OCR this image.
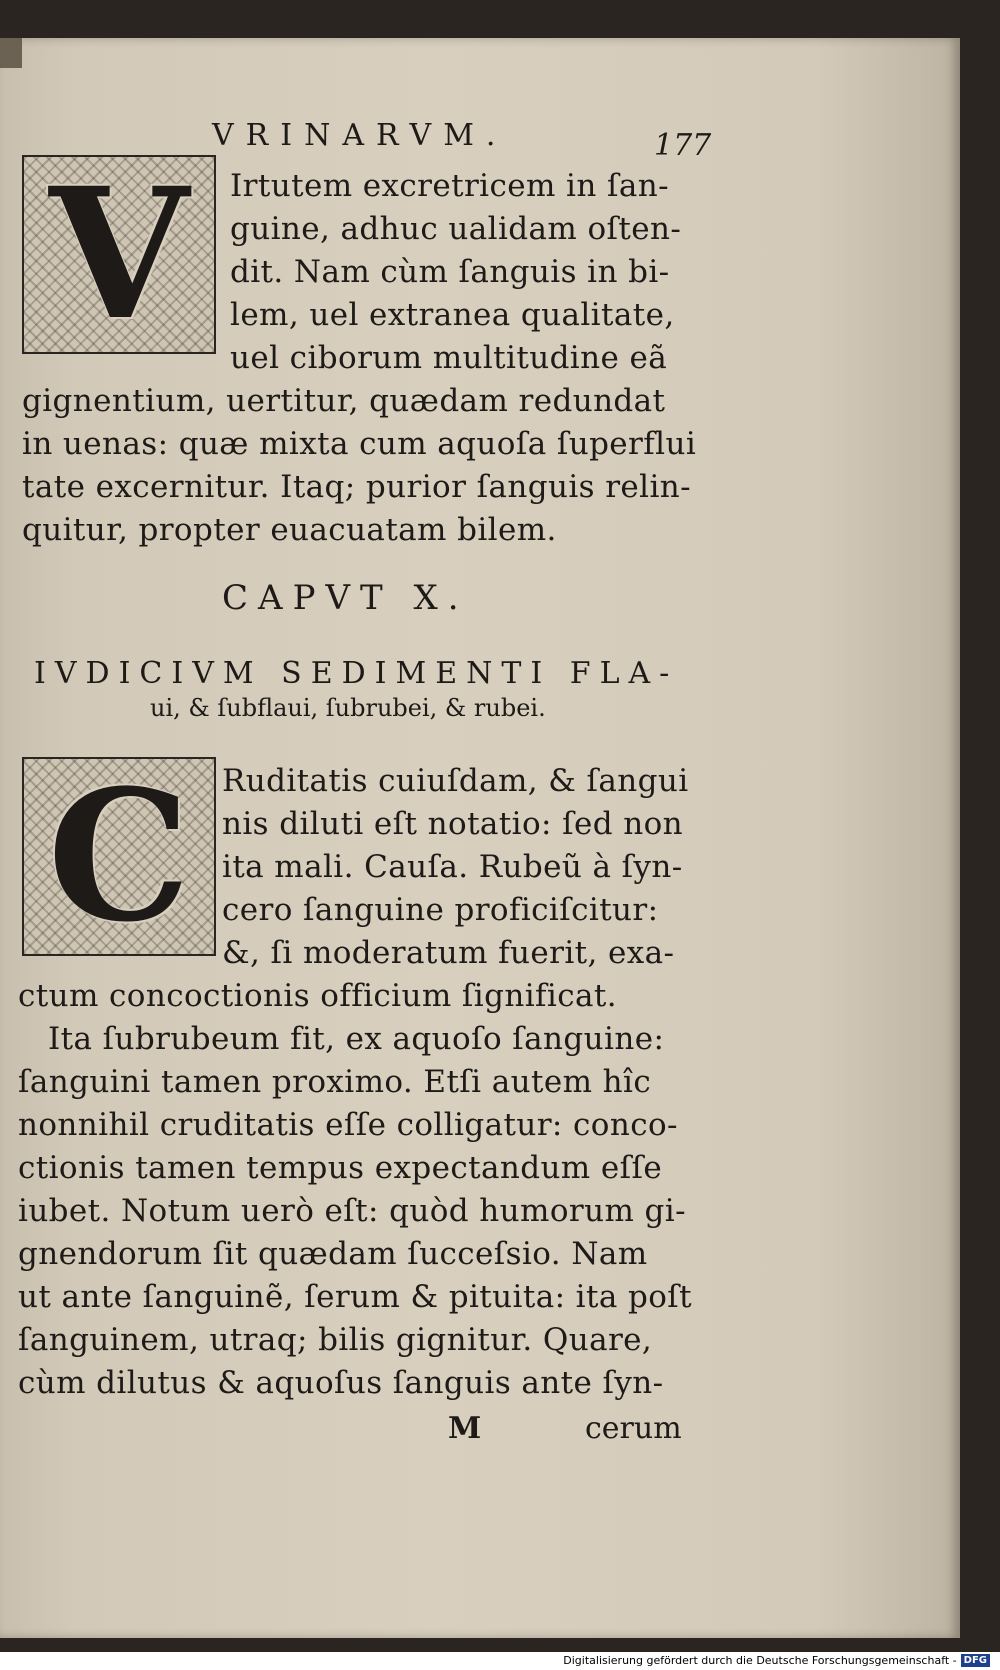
VRINARVM.	177
V Irtutem excretricem in ſan-
guine, adhuc ualidam oſten-
dit. Nam cùm ſanguis in bi-
lem, uel extranea qualitate,
uel ciborum multitudine eã
gignentium, uertitur, quædam redundat
in uenas: quæ mixta cum aquoſa ſuperflui
tate excernitur. Itaq; purior ſanguis relin-
quitur, propter euacuatam bilem.
CAPVT X.
IVDICIVM SEDIMENTI FLA-
ui, & ſubflaui, ſubrubei, & rubei.
C Ruditatis cuiuſdam, & ſangui
nis diluti eſt notatio: ſed non
ita mali. Cauſa. Rubeũ à ſyn-
cero ſanguine proficiſcitur:
&, ſi moderatum fuerit, exa-
ctum concoctionis officium ſignificat.
Ita ſubrubeum fit, ex aquoſo ſanguine:
ſanguini tamen proximo. Etſi autem hîc
nonnihil cruditatis eſſe colligatur: conco-
ctionis tamen tempus expectandum eſſe
iubet. Notum uerò eſt: quòd humorum gi-
gnendorum ſit quædam ſucceſsio. Nam
ut ante ſanguinẽ, ſerum & pituita: ita poſt
ſanguinem, utraq; bilis gignitur. Quare,
cùm dilutus & aquoſus ſanguis ante ſyn-
M	cerum
Digitalisierung gefördert durch die Deutsche Forschungsgemeinschaft - DFG
